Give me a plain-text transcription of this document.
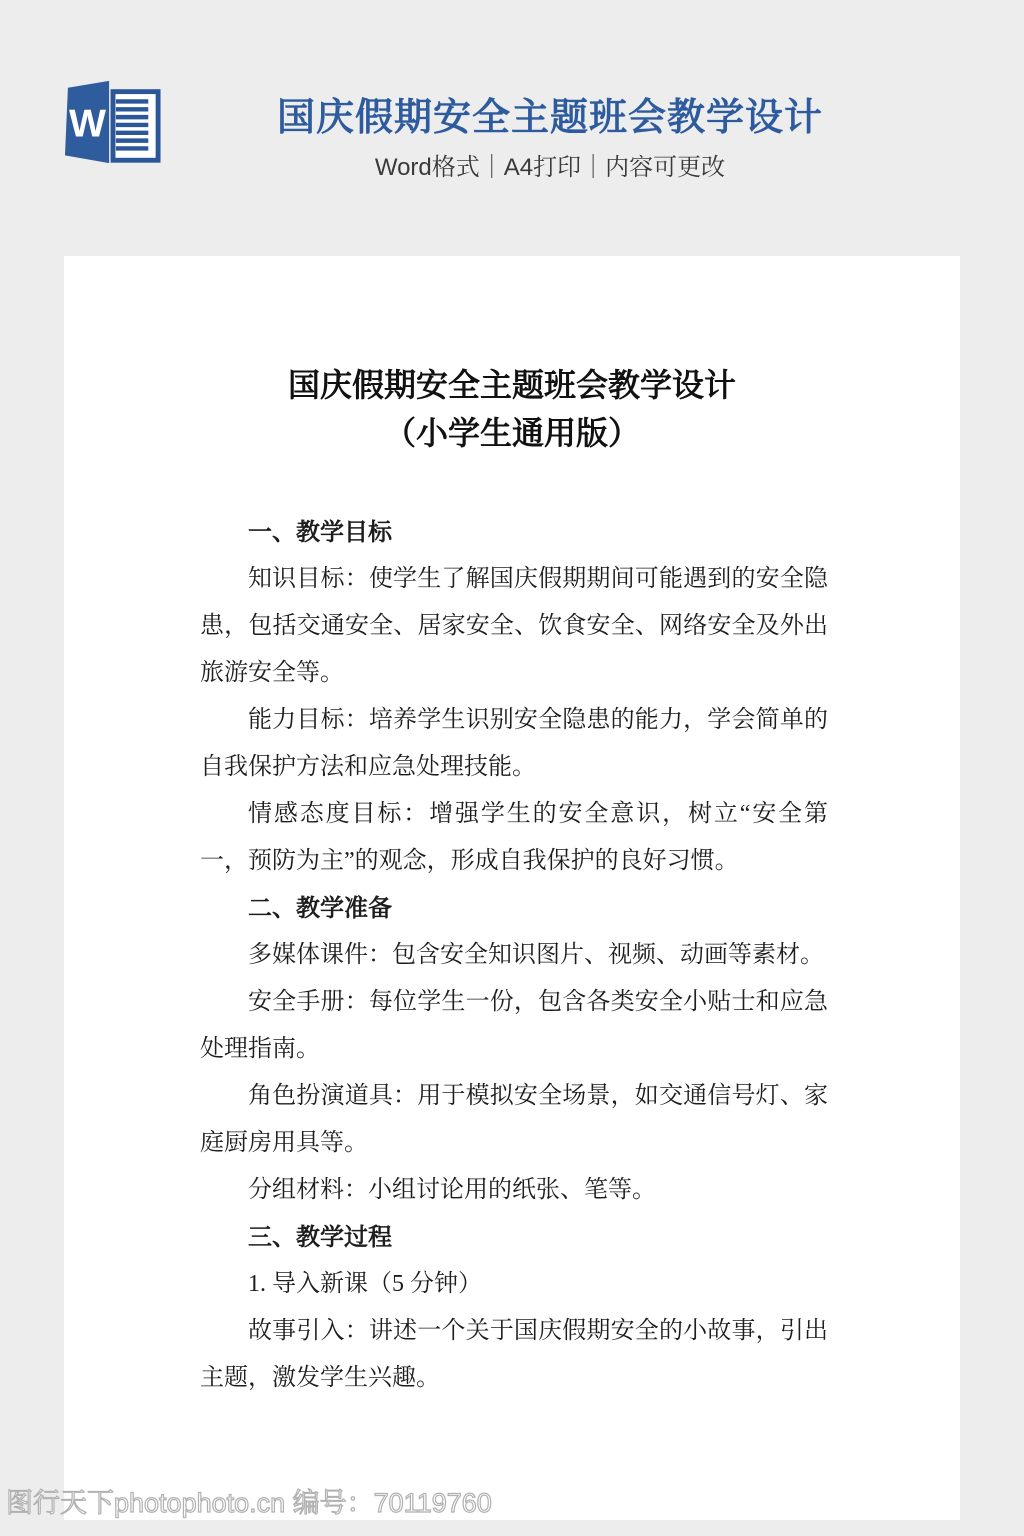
W	国庆假期安全主题班会教学设计
Word格式｜A4打印｜内容可更改
国庆假期安全主题班会教学设计
（小学生通用版）

一、教学目标

知识目标：使学生了解国庆假期期间可能遇到的安全隐患，包括交通安全、居家安全、饮食安全、网络安全及外出旅游安全等。

能力目标：培养学生识别安全隐患的能力，学会简单的自我保护方法和应急处理技能。

情感态度目标：增强学生的安全意识，树立“安全第一，预防为主”的观念，形成自我保护的良好习惯。

二、教学准备

多媒体课件：包含安全知识图片、视频、动画等素材。

安全手册：每位学生一份，包含各类安全小贴士和应急处理指南。

角色扮演道具：用于模拟安全场景，如交通信号灯、家庭厨房用具等。

分组材料：小组讨论用的纸张、笔等。

三、教学过程

1. 导入新课（5 分钟）

故事引入：讲述一个关于国庆假期安全的小故事，引出主题，激发学生兴趣。

图行天下photophoto.cn 编号：70119760
